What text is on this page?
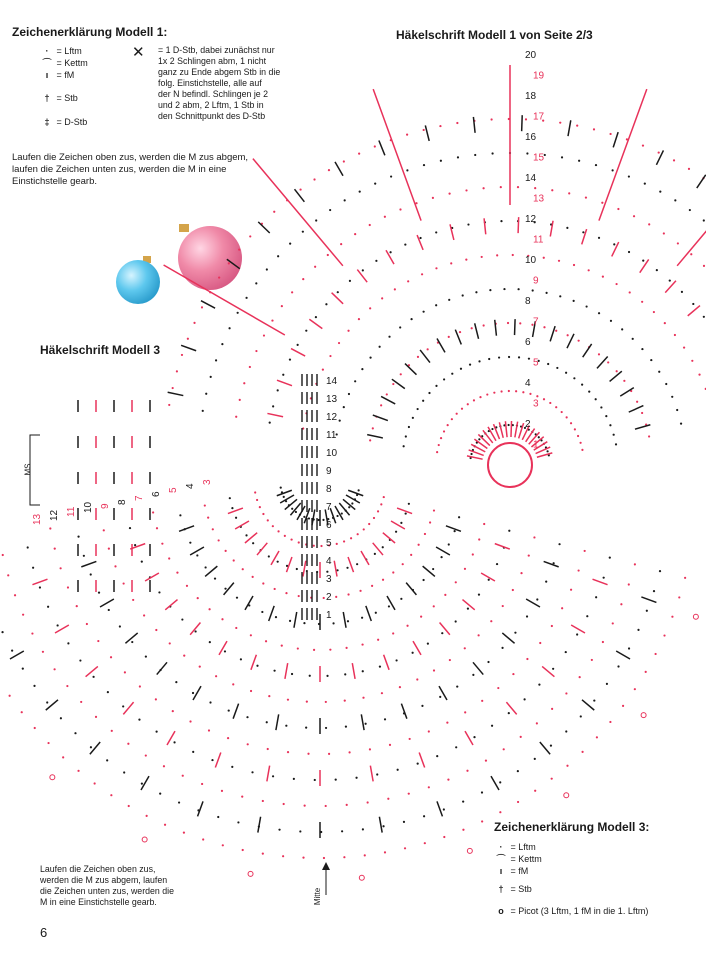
Zeichenerklärung Modell 1:
· = Lftm
⌒ = Kettm
ı = fM
† = Stb
‡ = D-Stb
✕ = 1 D-Stb, dabei zunächst nur
1x 2 Schlingen abm, 1 nicht
ganz zu Ende abgem Stb in die
folg. Einstichstelle, alle auf
der N befindl. Schlingen je 2
und 2 abm, 2 Lftm, 1 Stb in
den Schnittpunkt des D-Stb
Laufen die Zeichen oben zus, werden die M zus abgem,
laufen die Zeichen unten zus, werden die M in eine
Einstichstelle gearb.
Häkelschrift Modell 1 von Seite 2/3
20
19
18
17
16
15
14
13
12
11
10
9
8
7
6
5
4
3
2
1
Häkelschrift Modell 3
14
13
12
11
10
9
8
7
6
5
4
3
2
1
13 12 11 10 9
8
7
6
5
4
3
MS
Mitte
Zeichenerklärung Modell 3:
· = Lftm
⌒ = Kettm
ı = fM
† = Stb
o = Picot (3 Lftm, 1 fM in die 1. Lftm)
Laufen die Zeichen oben zus,
werden die M zus abgem, laufen
die Zeichen unten zus, werden die
M in eine Einstichstelle gearb.
6
